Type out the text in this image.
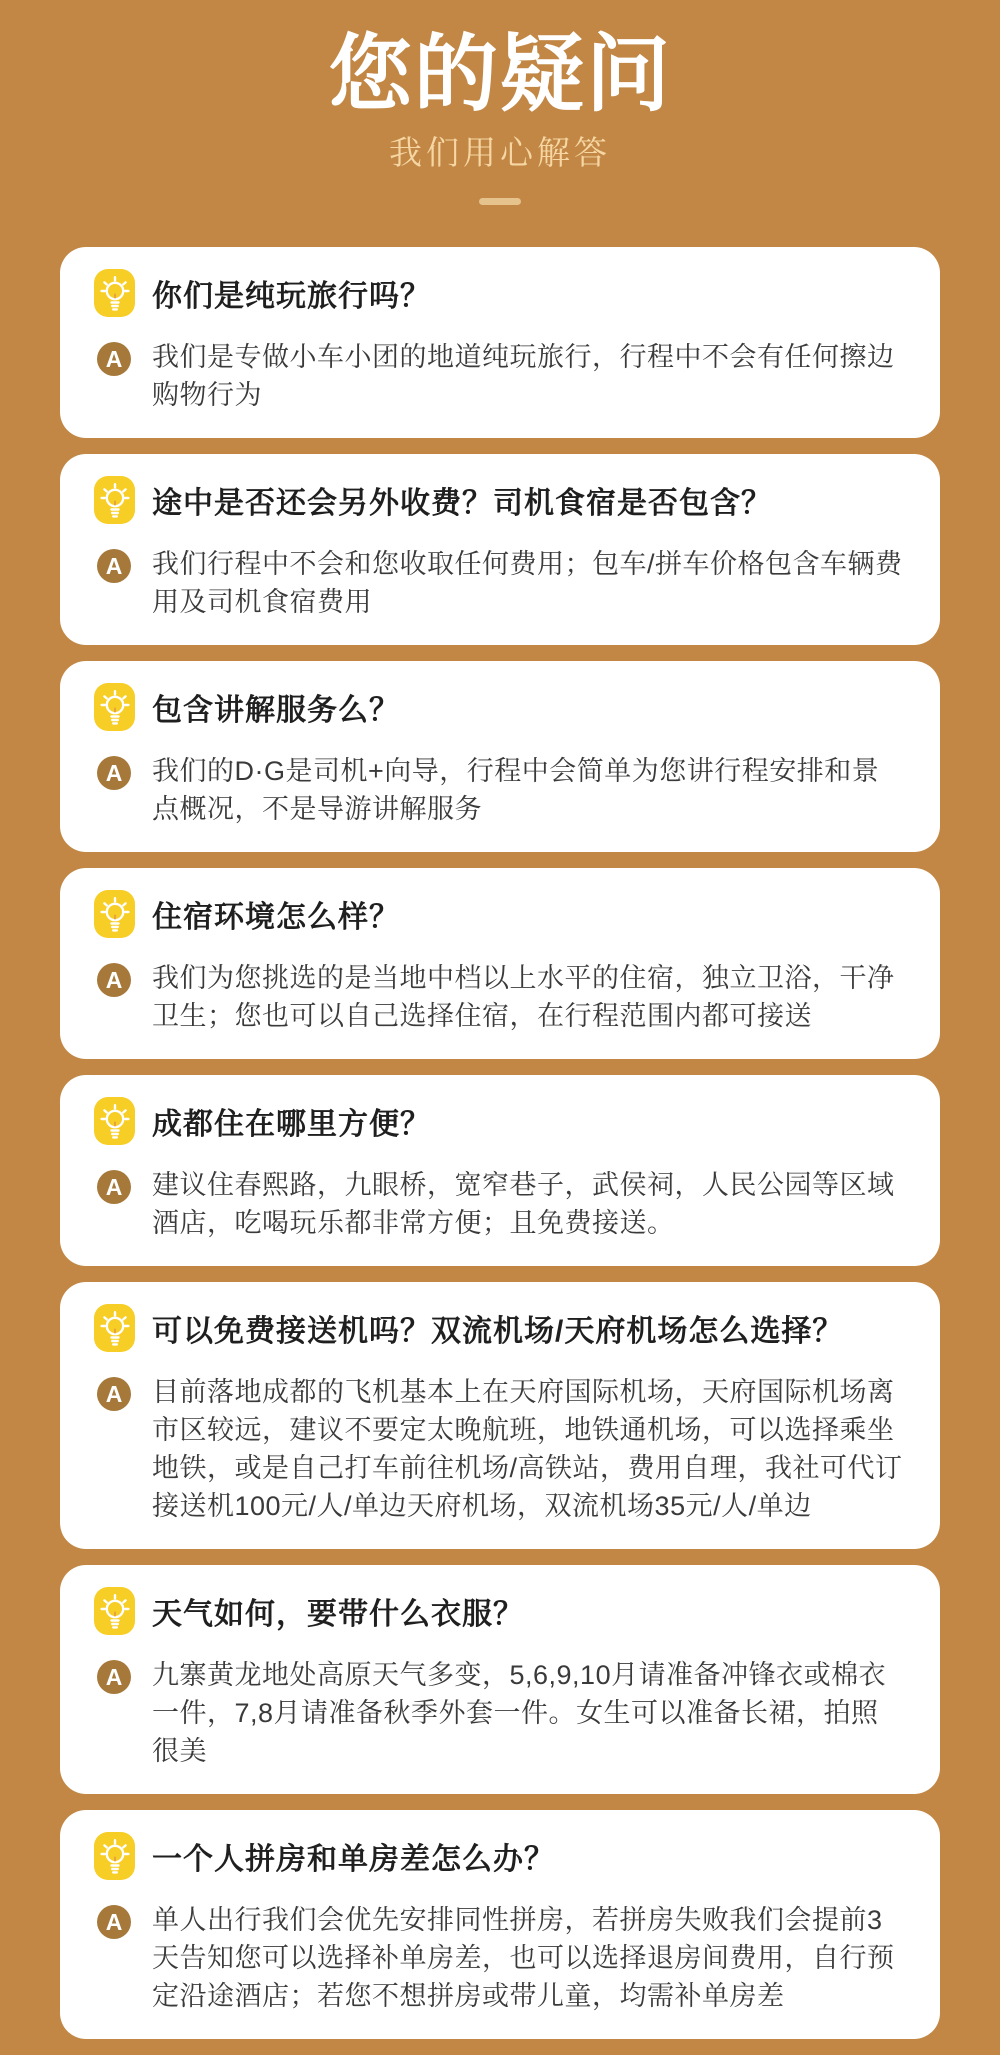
您的疑问
我们用心解答
你们是纯玩旅行吗？
A	我们是专做小车小团的地道纯玩旅行，行程中不会有任何擦边购物行为

途中是否还会另外收费？司机食宿是否包含？
A	我们行程中不会和您收取任何费用；包车/拼车价格包含车辆费用及司机食宿费用

包含讲解服务么？
A	我们的D·G是司机+向导，行程中会简单为您讲行程安排和景点概况，不是导游讲解服务

住宿环境怎么样？
A	我们为您挑选的是当地中档以上水平的住宿，独立卫浴，干净卫生；您也可以自己选择住宿，在行程范围内都可接送

成都住在哪里方便？
A	建议住春熙路，九眼桥，宽窄巷子，武侯祠，人民公园等区域酒店，吃喝玩乐都非常方便；且免费接送。

可以免费接送机吗？双流机场/天府机场怎么选择？
A	目前落地成都的飞机基本上在天府国际机场，天府国际机场离市区较远，建议不要定太晚航班，地铁通机场，可以选择乘坐地铁，或是自己打车前往机场/高铁站，费用自理，我社可代订接送机100元/人/单边天府机场，双流机场35元/人/单边

天气如何，要带什么衣服？
A	九寨黄龙地处高原天气多变，5,6,9,10月请准备冲锋衣或棉衣一件，7,8月请准备秋季外套一件。女生可以准备长裙，拍照很美

一个人拼房和单房差怎么办？
A	单人出行我们会优先安排同性拼房，若拼房失败我们会提前3天告知您可以选择补单房差，也可以选择退房间费用，自行预定沿途酒店；若您不想拼房或带儿童，均需补单房差
